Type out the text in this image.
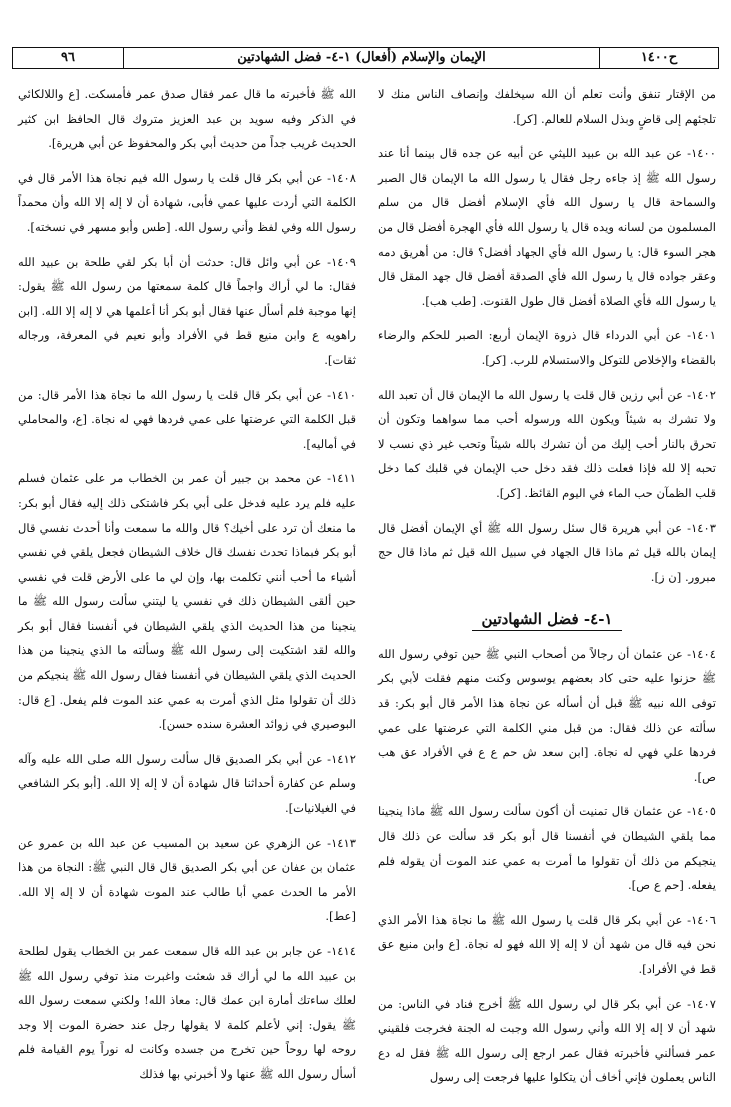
ح١٤٠٠
الإيمان والإسلام (أفعال) ١-٤- فضل الشهادتين
٩٦

من الإقتار تنفق وأنت تعلم أن الله سيخلفك وإنصاف الناس منك لا تلجئهم إلى قاضٍ وبذل السلام للعالم. [كر].

١٤٠٠- عن عبد الله بن عبيد الليثي عن أبيه عن جده قال بينما أنا عند رسول الله ﷺ إذ جاءه رجل فقال يا رسول الله ما الإيمان قال الصبر والسماحة قال يا رسول الله فأي الإسلام أفضل قال من سلم المسلمون من لسانه ويده قال يا رسول الله فأي الهجرة أفضل قال من هجر السوء قال: يا رسول الله فأي الجهاد أفضل؟ قال: من أهريق دمه وعقر جواده قال يا رسول الله فأي الصدقة أفضل قال جهد المقل قال يا رسول الله فأي الصلاة أفضل قال طول القنوت. [طب هب].

١٤٠١- عن أبي الدرداء قال ذروة الإيمان أربع: الصبر للحكم والرضاء بالقضاء والإخلاص للتوكل والاستسلام للرب. [كر].

١٤٠٢- عن أبي رزين قال قلت يا رسول الله ما الإيمان قال أن تعبد الله ولا تشرك به شيئاً ويكون الله ورسوله أحب مما سواهما وتكون أن تحرق بالنار أحب إليك من أن تشرك بالله شيئاً وتحب غير ذي نسب لا تحبه إلا لله فإذا فعلت ذلك فقد دخل حب الإيمان في قلبك كما دخل قلب الظمآن حب الماء في اليوم القائظ. [كر].

١٤٠٣- عن أبي هريرة قال سئل رسول الله ﷺ أي الإيمان أفضل قال إيمان بالله قيل ثم ماذا قال الجهاد في سبيل الله قيل ثم ماذا قال حج مبرور. [ن ز].

١-٤- فضل الشهادتين

١٤٠٤- عن عثمان أن رجالاً من أصحاب النبي ﷺ حين توفي رسول الله ﷺ حزنوا عليه حتى كاد بعضهم يوسوس وكنت منهم فقلت لأبي بكر توفى الله نبيه ﷺ قبل أن أسأله عن نجاة هذا الأمر قال أبو بكر: قد سألته عن ذلك فقال: من قبل مني الكلمة التي عرضتها على عمي فردها علي فهي له نجاة. [ابن سعد ش حم ع ع في الأفراد عق هب ص].

١٤٠٥- عن عثمان قال تمنيت أن أكون سألت رسول الله ﷺ ماذا ينجينا مما يلقي الشيطان في أنفسنا قال أبو بكر قد سألت عن ذلك قال ينجيكم من ذلك أن تقولوا ما أمرت به عمي عند الموت أن يقوله فلم يفعله. [حم ع ص].

١٤٠٦- عن أبي بكر قال قلت يا رسول الله ﷺ ما نجاة هذا الأمر الذي نحن فيه قال من شهد أن لا إله إلا الله فهو له نجاة. [ع وابن منيع عق قط في الأفراد].

١٤٠٧- عن أبي بكر قال لي رسول الله ﷺ أخرج فناد في الناس: من شهد أن لا إله إلا الله وأني رسول الله وجبت له الجنة فخرجت فلقيني عمر فسألني فأخبرته فقال عمر ارجع إلى رسول الله ﷺ فقل له دع الناس يعملون فإني أخاف أن يتكلوا عليها فرجعت إلى رسول

الله ﷺ فأخبرته ما قال عمر فقال صدق عمر فأمسكت. [ع واللالكائي في الذكر وفيه سويد بن عبد العزيز متروك قال الحافظ ابن كثير الحديث غريب جداً من حديث أبي بكر والمحفوظ عن أبي هريرة].

١٤٠٨- عن أبي بكر قال قلت يا رسول الله فيم نجاة هذا الأمر قال في الكلمة التي أردت عليها عمي فأبى، شهادة أن لا إله إلا الله وأن محمداً رسول الله وفي لفظ وأني رسول الله. [طس وأبو مسهر في نسخته].

١٤٠٩- عن أبي وائل قال: حدثت أن أبا بكر لقي طلحة بن عبيد الله فقال: ما لي أراك واجماً قال كلمة سمعتها من رسول الله ﷺ يقول: إنها موجبة فلم أسأل عنها فقال أبو بكر أنا أعلمها هي لا إله إلا الله. [ابن راهويه ع وابن منيع قط في الأفراد وأبو نعيم في المعرفة، ورجاله ثقات].

١٤١٠- عن أبي بكر قال قلت يا رسول الله ما نجاة هذا الأمر قال: من قبل الكلمة التي عرضتها على عمي فردها فهي له نجاة. [ع، والمحاملي في أماليه].

١٤١١- عن محمد بن جبير أن عمر بن الخطاب مر على عثمان فسلم عليه فلم يرد عليه فدخل على أبي بكر فاشتكى ذلك إليه فقال أبو بكر: ما منعك أن ترد على أخيك؟ قال والله ما سمعت وأنا أحدث نفسي قال أبو بكر فبماذا تحدث نفسك قال خلاف الشيطان فجعل يلقي في نفسي أشياء ما أحب أنني تكلمت بها، وإن لي ما على الأرض قلت في نفسي حين ألقى الشيطان ذلك في نفسي يا ليتني سألت رسول الله ﷺ ما ينجينا من هذا الحديث الذي يلقي الشيطان في أنفسنا فقال أبو بكر والله لقد اشتكيت إلى رسول الله ﷺ وسألته ما الذي ينجينا من هذا الحديث الذي يلقي الشيطان في أنفسنا فقال رسول الله ﷺ ينجيكم من ذلك أن تقولوا مثل الذي أمرت به عمي عند الموت فلم يفعل. [ع قال: البوصيري في زوائد العشرة سنده حسن].

١٤١٢- عن أبي بكر الصديق قال سألت رسول الله صلى الله عليه وآله وسلم عن كفارة أحداثنا قال شهادة أن لا إله إلا الله. [أبو بكر الشافعي في الغيلانيات].

١٤١٣- عن الزهري عن سعيد بن المسيب عن عبد الله بن عمرو عن عثمان بن عفان عن أبي بكر الصديق قال قال النبي ﷺ: النجاة من هذا الأمر ما الحدث عمي أبا طالب عند الموت شهادة أن لا إله إلا الله. [عط].

١٤١٤- عن جابر بن عبد الله قال سمعت عمر بن الخطاب يقول لطلحة بن عبيد الله ما لي أراك قد شعثت واغبرت منذ توفي رسول الله ﷺ لعلك ساءتك أمارة ابن عمك قال: معاذ الله! ولكني سمعت رسول الله ﷺ يقول: إني لأعلم كلمة لا يقولها رجل عند حضرة الموت إلا وجد روحه لها روحاً حين تخرج من جسده وكانت له نوراً يوم القيامة فلم أسأل رسول الله ﷺ عنها ولا أخبرني بها فذلك
